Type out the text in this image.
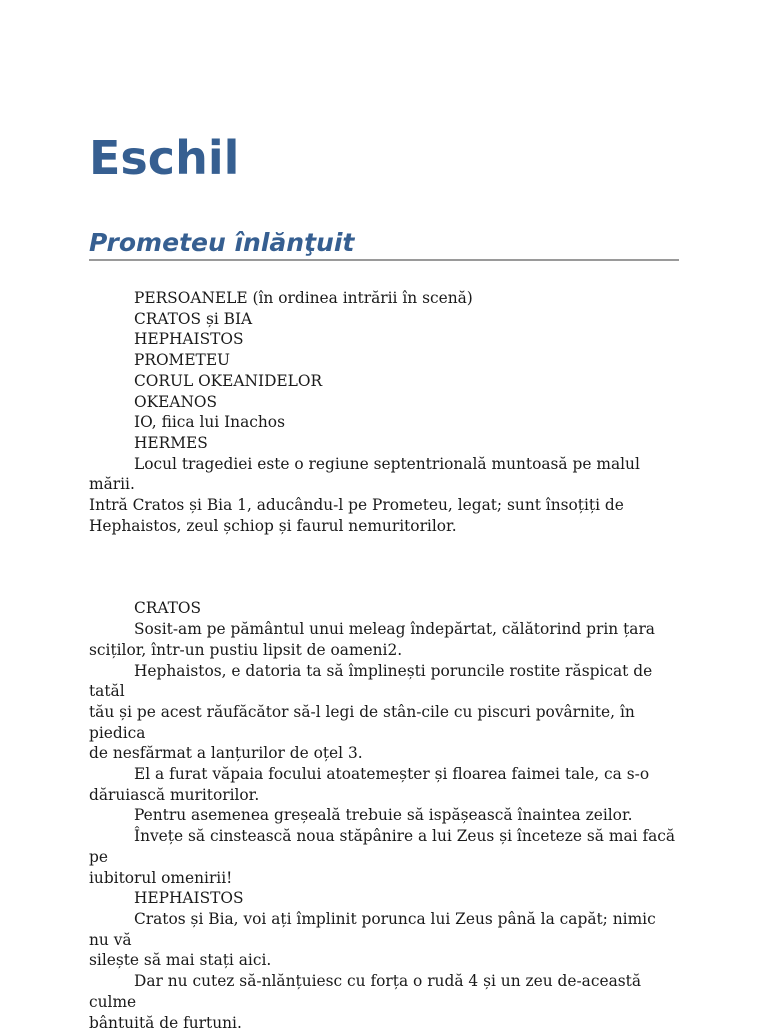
Eschil
Prometeu înlănţuit

PERSOANELE (în ordinea intrării în scenă)

CRATOS și BIA

HEPHAISTOS

PROMETEU

CORUL OKEANIDELOR

OKEANOS

IO, fiica lui Inachos

HERMES

Locul tragediei este o regiune septentrională muntoasă pe malul mării.
Intră Cratos și Bia 1, aducându-l pe Prometeu, legat; sunt însoțiți de
Hephaistos, zeul șchiop și faurul nemuritorilor.

CRATOS

Sosit-am pe pământul unui meleag îndepărtat, călătorind prin țara
sciților, într-un pustiu lipsit de oameni2.

Hephaistos, e datoria ta să împlinești poruncile rostite răspicat de tatăl
tău și pe acest răufăcător să-l legi de stân-cile cu piscuri povârnite, în piedica
de nesfărmat a lanțurilor de oțel 3.

El a furat văpaia focului atoatemeșter și floarea faimei tale, ca s-o
dăruiască muritorilor.

Pentru asemenea greșeală trebuie să ispășească înaintea zeilor.

Învețe să cinstească noua stăpânire a lui Zeus și înceteze să mai facă pe
iubitorul omenirii!

HEPHAISTOS

Cratos și Bia, voi ați împlinit porunca lui Zeus până la capăt; nimic nu vă
silește să mai stați aici.

Dar nu cutez să-nlănțuiesc cu forța o rudă 4 și un zeu de-această culme
bântuită de furtuni.
